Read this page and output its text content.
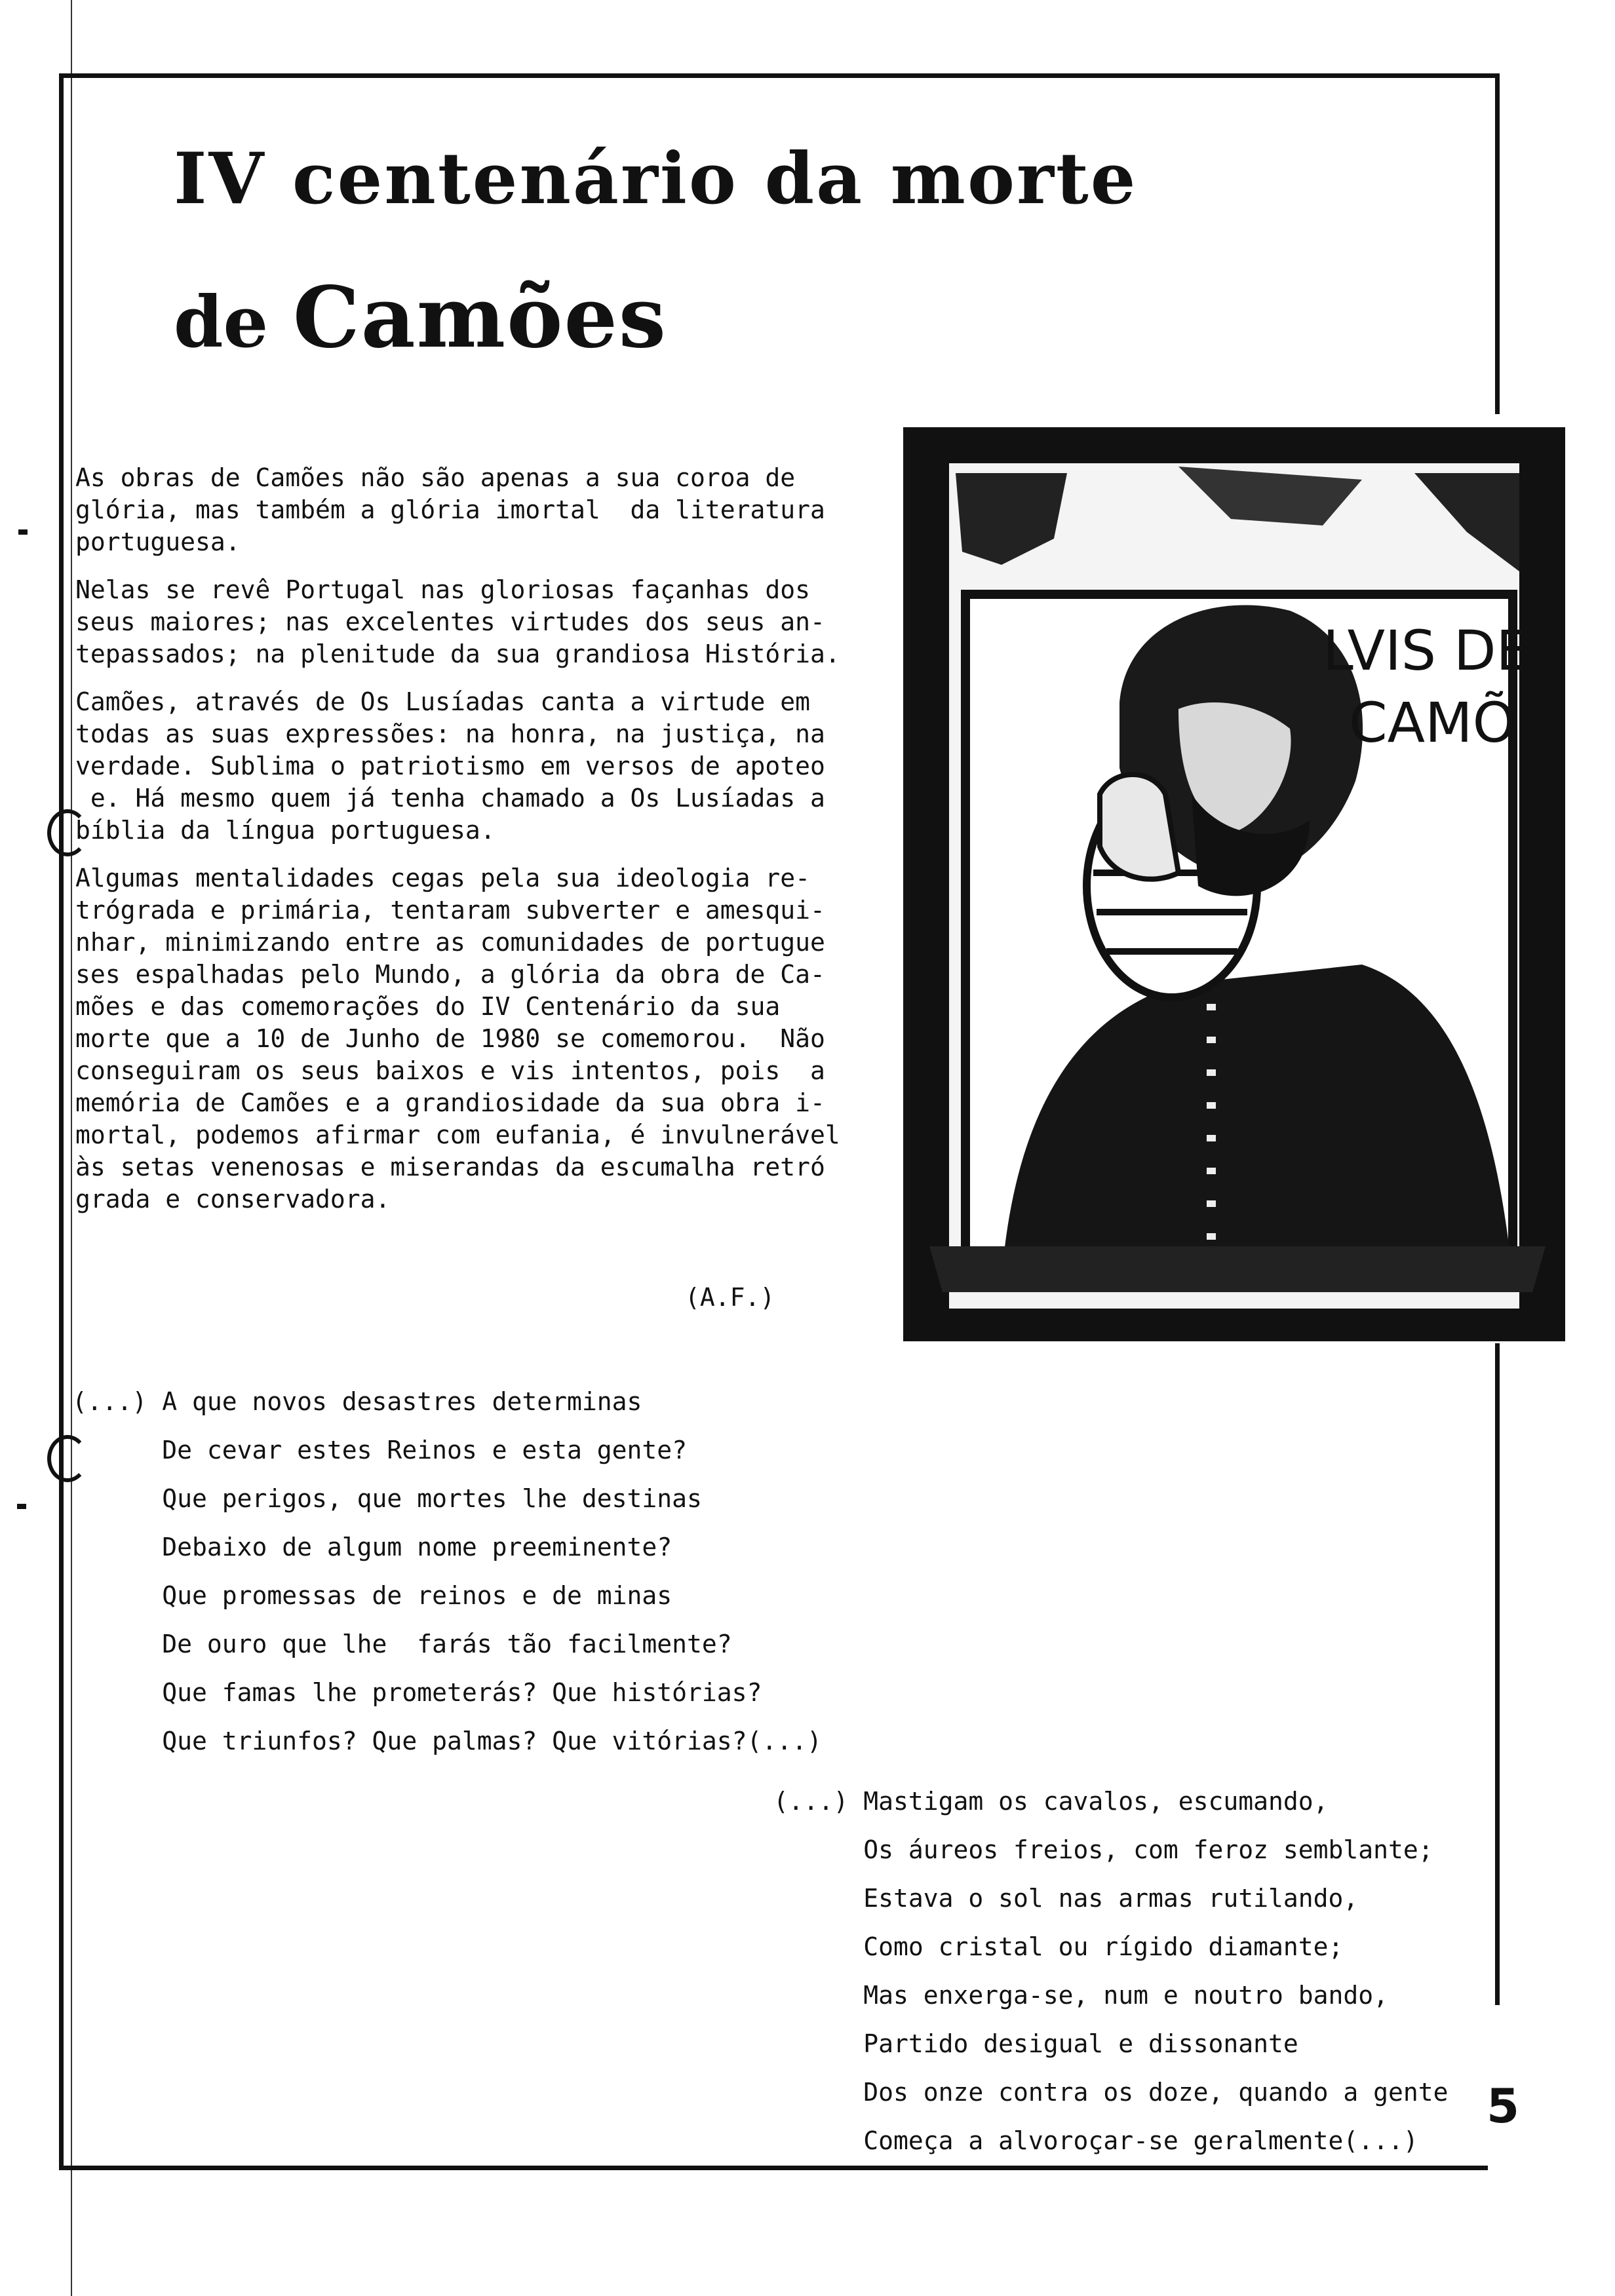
IV centenário da morte
de Camões

As obras de Camões não são apenas a sua coroa de
glória, mas também a glória imortal  da literatura
portuguesa.

Nelas se revê Portugal nas gloriosas façanhas dos
seus maiores; nas excelentes virtudes dos seus an-
tepassados; na plenitude da sua grandiosa História.

Camões, através de Os Lusíadas canta a virtude em
todas as suas expressões: na honra, na justiça, na
verdade. Sublima o patriotismo em versos de apoteo
e. Há mesmo quem já tenha chamado a Os Lusíadas a
bíblia da língua portuguesa.

Algumas mentalidades cegas pela sua ideologia re-
trógrada e primária, tentaram subverter e amesqui-
nhar, minimizando entre as comunidades de portugue
ses espalhadas pelo Mundo, a glória da obra de Ca-
mões e das comemorações do IV Centenário da sua
morte que a 10 de Junho de 1980 se comemorou.  Não
conseguiram os seus baixos e vis intentos, pois  a
memória de Camões e a grandiosidade da sua obra i-
mortal, podemos afirmar com eufania, é invulnerável
às setas venenosas e miserandas da escumalha retró
grada e conservadora.

(A.F.)
LVIS DE
CAMÕ
(...) A que novos desastres determinas
De cevar estes Reinos e esta gente?
Que perigos, que mortes lhe destinas
Debaixo de algum nome preeminente?
Que promessas de reinos e de minas
De ouro que lhe  farás tão facilmente?
Que famas lhe prometerás? Que histórias?
Que triunfos? Que palmas? Que vitórias?(...)
(...) Mastigam os cavalos, escumando,
Os áureos freios, com feroz semblante;
Estava o sol nas armas rutilando,
Como cristal ou rígido diamante;
Mas enxerga-se, num e noutro bando,
Partido desigual e dissonante
Dos onze contra os doze, quando a gente
Começa a alvoroçar-se geralmente(...)
5
